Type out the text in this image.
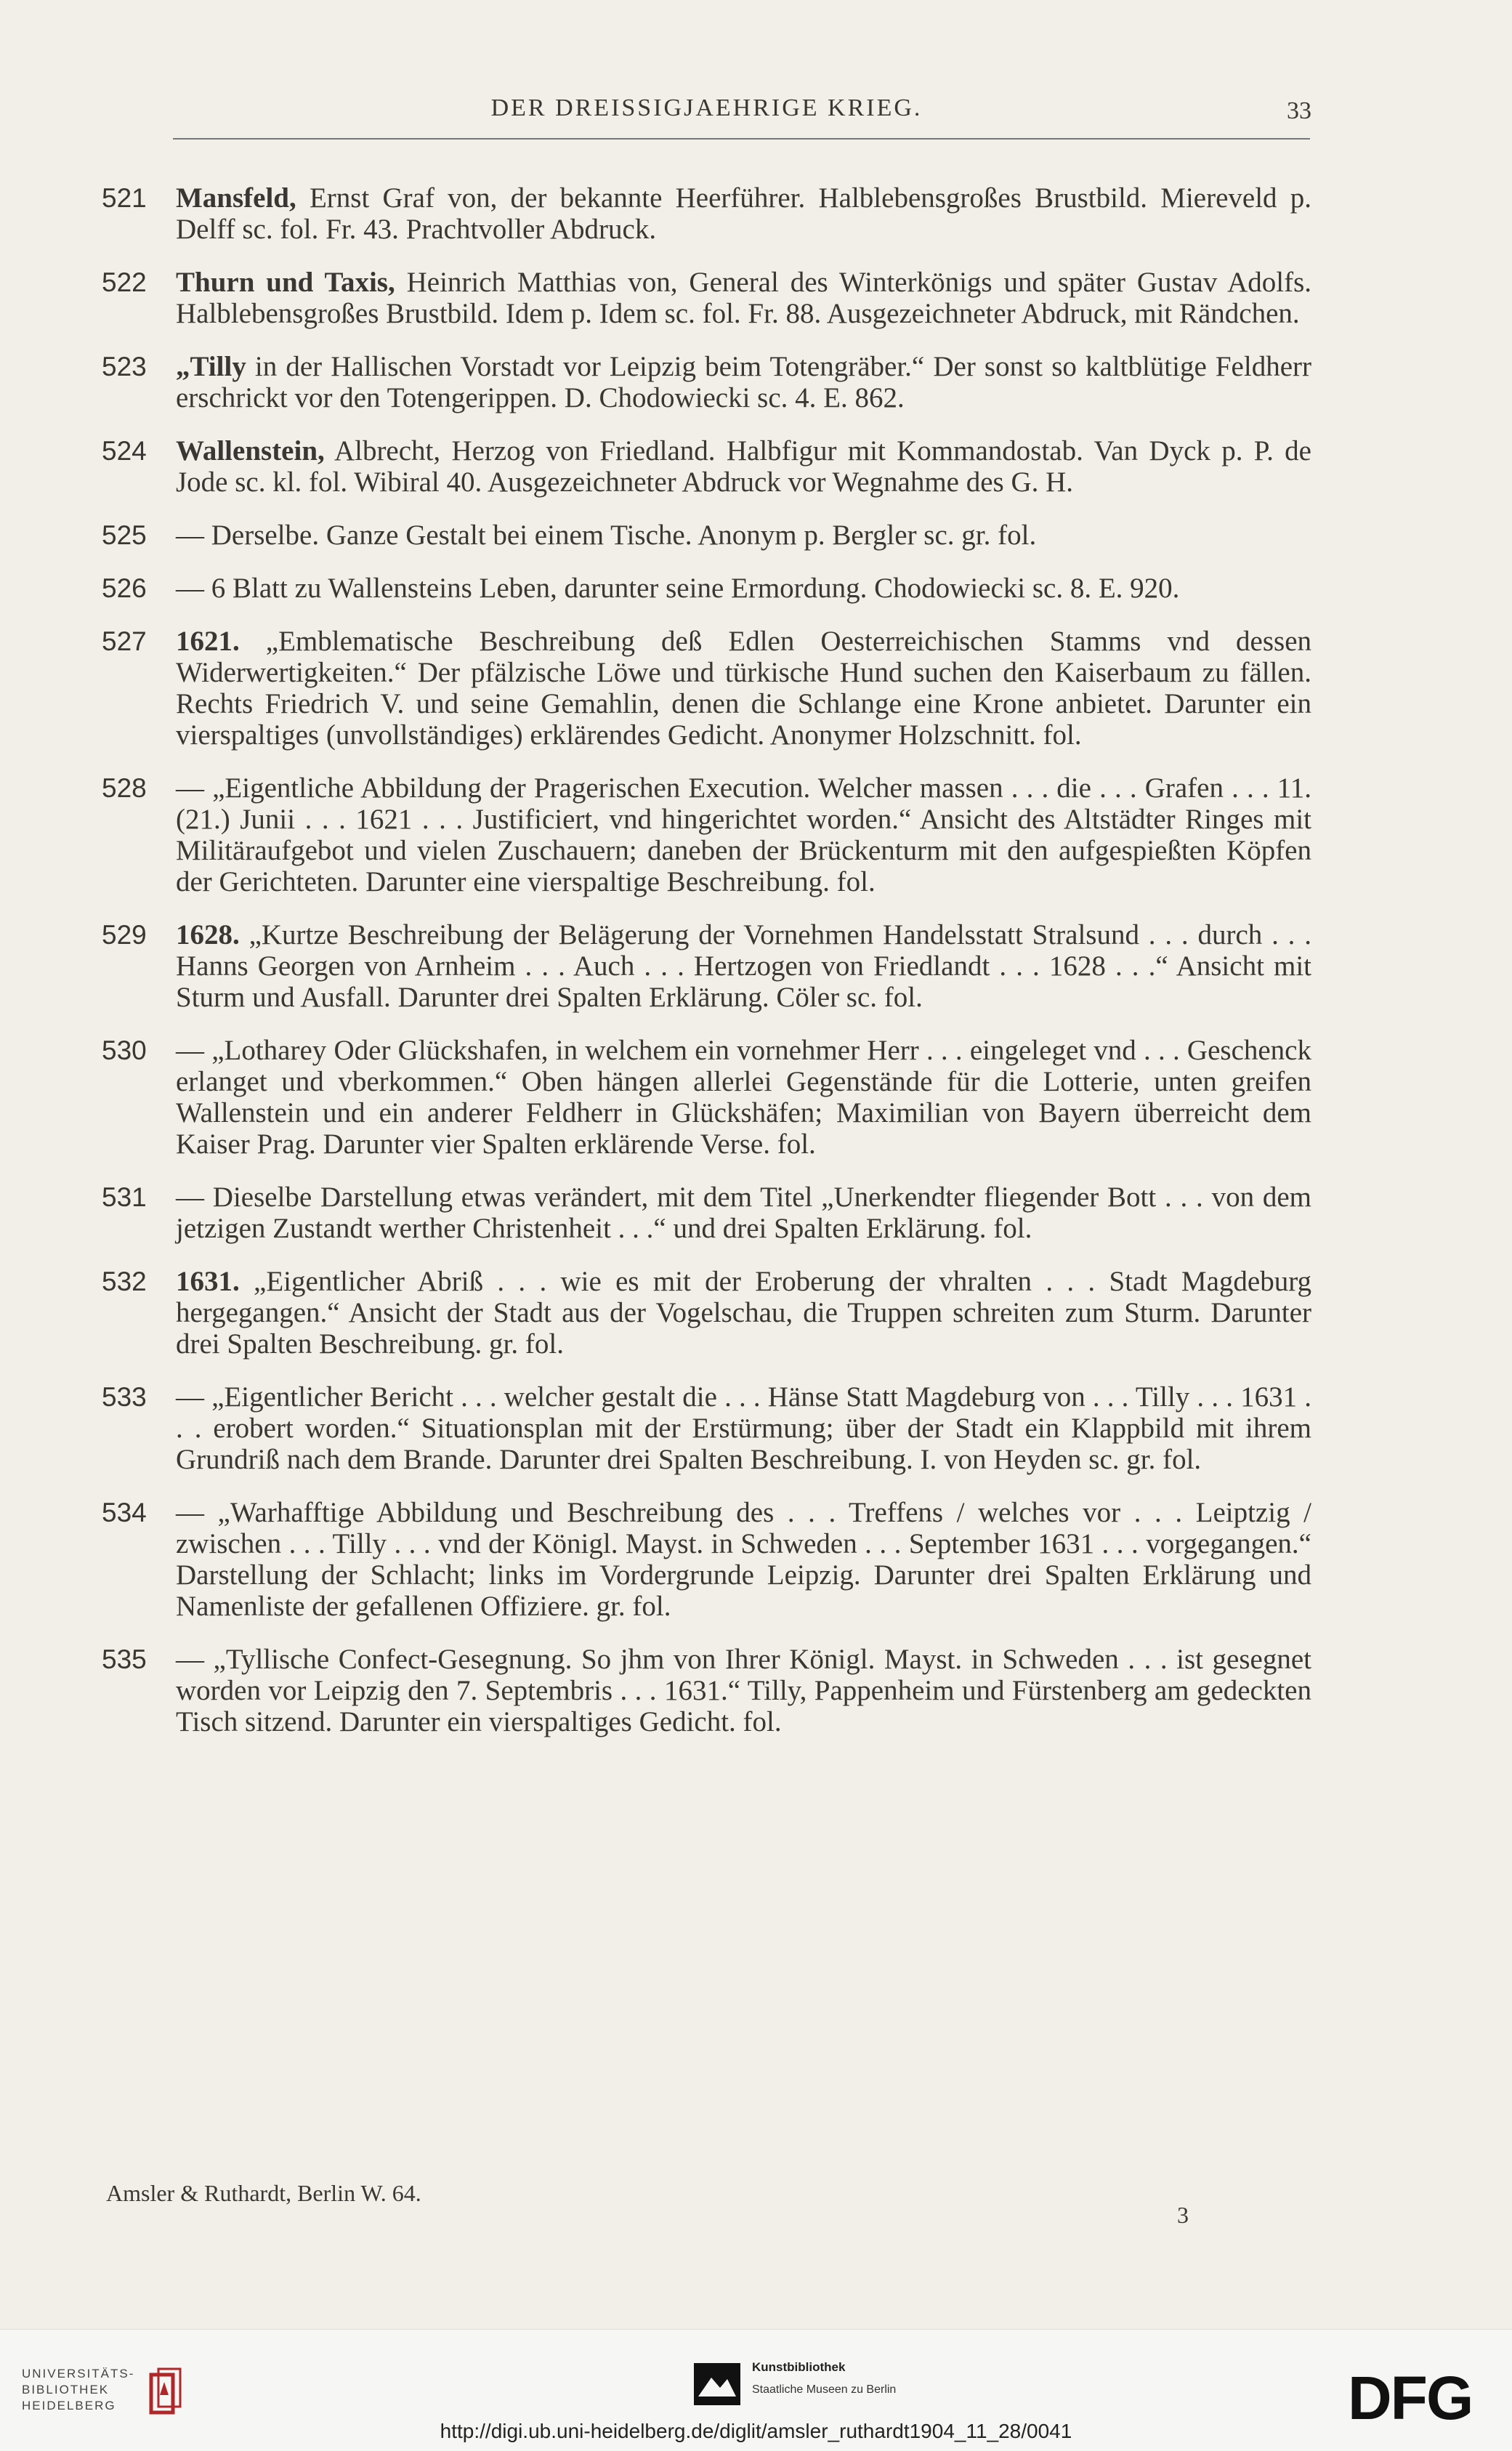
DER DREISSIGJAEHRIGE KRIEG.	33
521	Mansfeld, Ernst Graf von, der bekannte Heerführer. Halblebensgroßes Brustbild. Miereveld p. Delff sc. fol. Fr. 43. Prachtvoller Abdruck.
522	Thurn und Taxis, Heinrich Matthias von, General des Winterkönigs und später Gustav Adolfs. Halblebensgroßes Brustbild. Idem p. Idem sc. fol. Fr. 88. Ausgezeichneter Abdruck, mit Rändchen.
523	„Tilly in der Hallischen Vorstadt vor Leipzig beim Totengräber.“ Der sonst so kaltblütige Feldherr erschrickt vor den Totengerippen. D. Chodowiecki sc. 4. E. 862.
524	Wallenstein, Albrecht, Herzog von Friedland. Halbfigur mit Kommandostab. Van Dyck p. P. de Jode sc. kl. fol. Wibiral 40. Ausgezeichneter Abdruck vor Wegnahme des G. H.
525	— Derselbe. Ganze Gestalt bei einem Tische. Anonym p. Bergler sc. gr. fol.
526	— 6 Blatt zu Wallensteins Leben, darunter seine Ermordung. Chodowiecki sc. 8. E. 920.
527	1621. „Emblematische Beschreibung deß Edlen Oesterreichischen Stamms vnd dessen Widerwertigkeiten.“ Der pfälzische Löwe und türkische Hund suchen den Kaiserbaum zu fällen. Rechts Friedrich V. und seine Gemahlin, denen die Schlange eine Krone anbietet. Darunter ein vierspaltiges (unvollständiges) erklärendes Gedicht. Anonymer Holzschnitt. fol.
528	— „Eigentliche Abbildung der Pragerischen Execution. Welcher massen . . . die . . . Grafen . . . 11. (21.) Junii . . . 1621 . . . Justificiert, vnd hingerichtet worden.“ Ansicht des Altstädter Ringes mit Militäraufgebot und vielen Zuschauern; daneben der Brückenturm mit den aufgespießten Köpfen der Gerichteten. Darunter eine vierspaltige Beschreibung. fol.
529	1628. „Kurtze Beschreibung der Belägerung der Vornehmen Handelsstatt Stralsund . . . durch . . . Hanns Georgen von Arnheim . . . Auch . . . Hertzogen von Friedlandt . . . 1628 . . .“ Ansicht mit Sturm und Ausfall. Darunter drei Spalten Erklärung. Cöler sc. fol.
530	— „Lotharey Oder Glückshafen, in welchem ein vornehmer Herr . . . eingeleget vnd . . . Geschenck erlanget und vberkommen.“ Oben hängen allerlei Gegenstände für die Lotterie, unten greifen Wallenstein und ein anderer Feldherr in Glückshäfen; Maximilian von Bayern überreicht dem Kaiser Prag. Darunter vier Spalten erklärende Verse. fol.
531	— Dieselbe Darstellung etwas verändert, mit dem Titel „Unerkendter fliegender Bott . . . von dem jetzigen Zustandt werther Christenheit . . .“ und drei Spalten Erklärung. fol.
532	1631. „Eigentlicher Abriß . . . wie es mit der Eroberung der vhralten . . . Stadt Magdeburg hergegangen.“ Ansicht der Stadt aus der Vogelschau, die Truppen schreiten zum Sturm. Darunter drei Spalten Beschreibung. gr. fol.
533	— „Eigentlicher Bericht . . . welcher gestalt die . . . Hänse Statt Magdeburg von . . . Tilly . . . 1631 . . . erobert worden.“ Situationsplan mit der Erstürmung; über der Stadt ein Klappbild mit ihrem Grundriß nach dem Brande. Darunter drei Spalten Beschreibung. I. von Heyden sc. gr. fol.
534	— „Warhafftige Abbildung und Beschreibung des . . . Treffens / welches vor . . . Leiptzig / zwischen . . . Tilly . . . vnd der Königl. Mayst. in Schweden . . . September 1631 . . . vorgegangen.“ Darstellung der Schlacht; links im Vordergrunde Leipzig. Darunter drei Spalten Erklärung und Namenliste der gefallenen Offiziere. gr. fol.
535	— „Tyllische Confect-Gesegnung. So jhm von Ihrer Königl. Mayst. in Schweden . . . ist gesegnet worden vor Leipzig den 7. Septembris . . . 1631.“ Tilly, Pappenheim und Fürstenberg am gedeckten Tisch sitzend. Darunter ein vierspaltiges Gedicht. fol.
Amsler & Ruthardt, Berlin W. 64.
3
UNIVERSITÄTS-
BIBLIOTHEK
HEIDELBERG
Kunstbibliothek
Staatliche Museen zu Berlin	DFG
http://digi.ub.uni-heidelberg.de/diglit/amsler_ruthardt1904_11_28/0041
